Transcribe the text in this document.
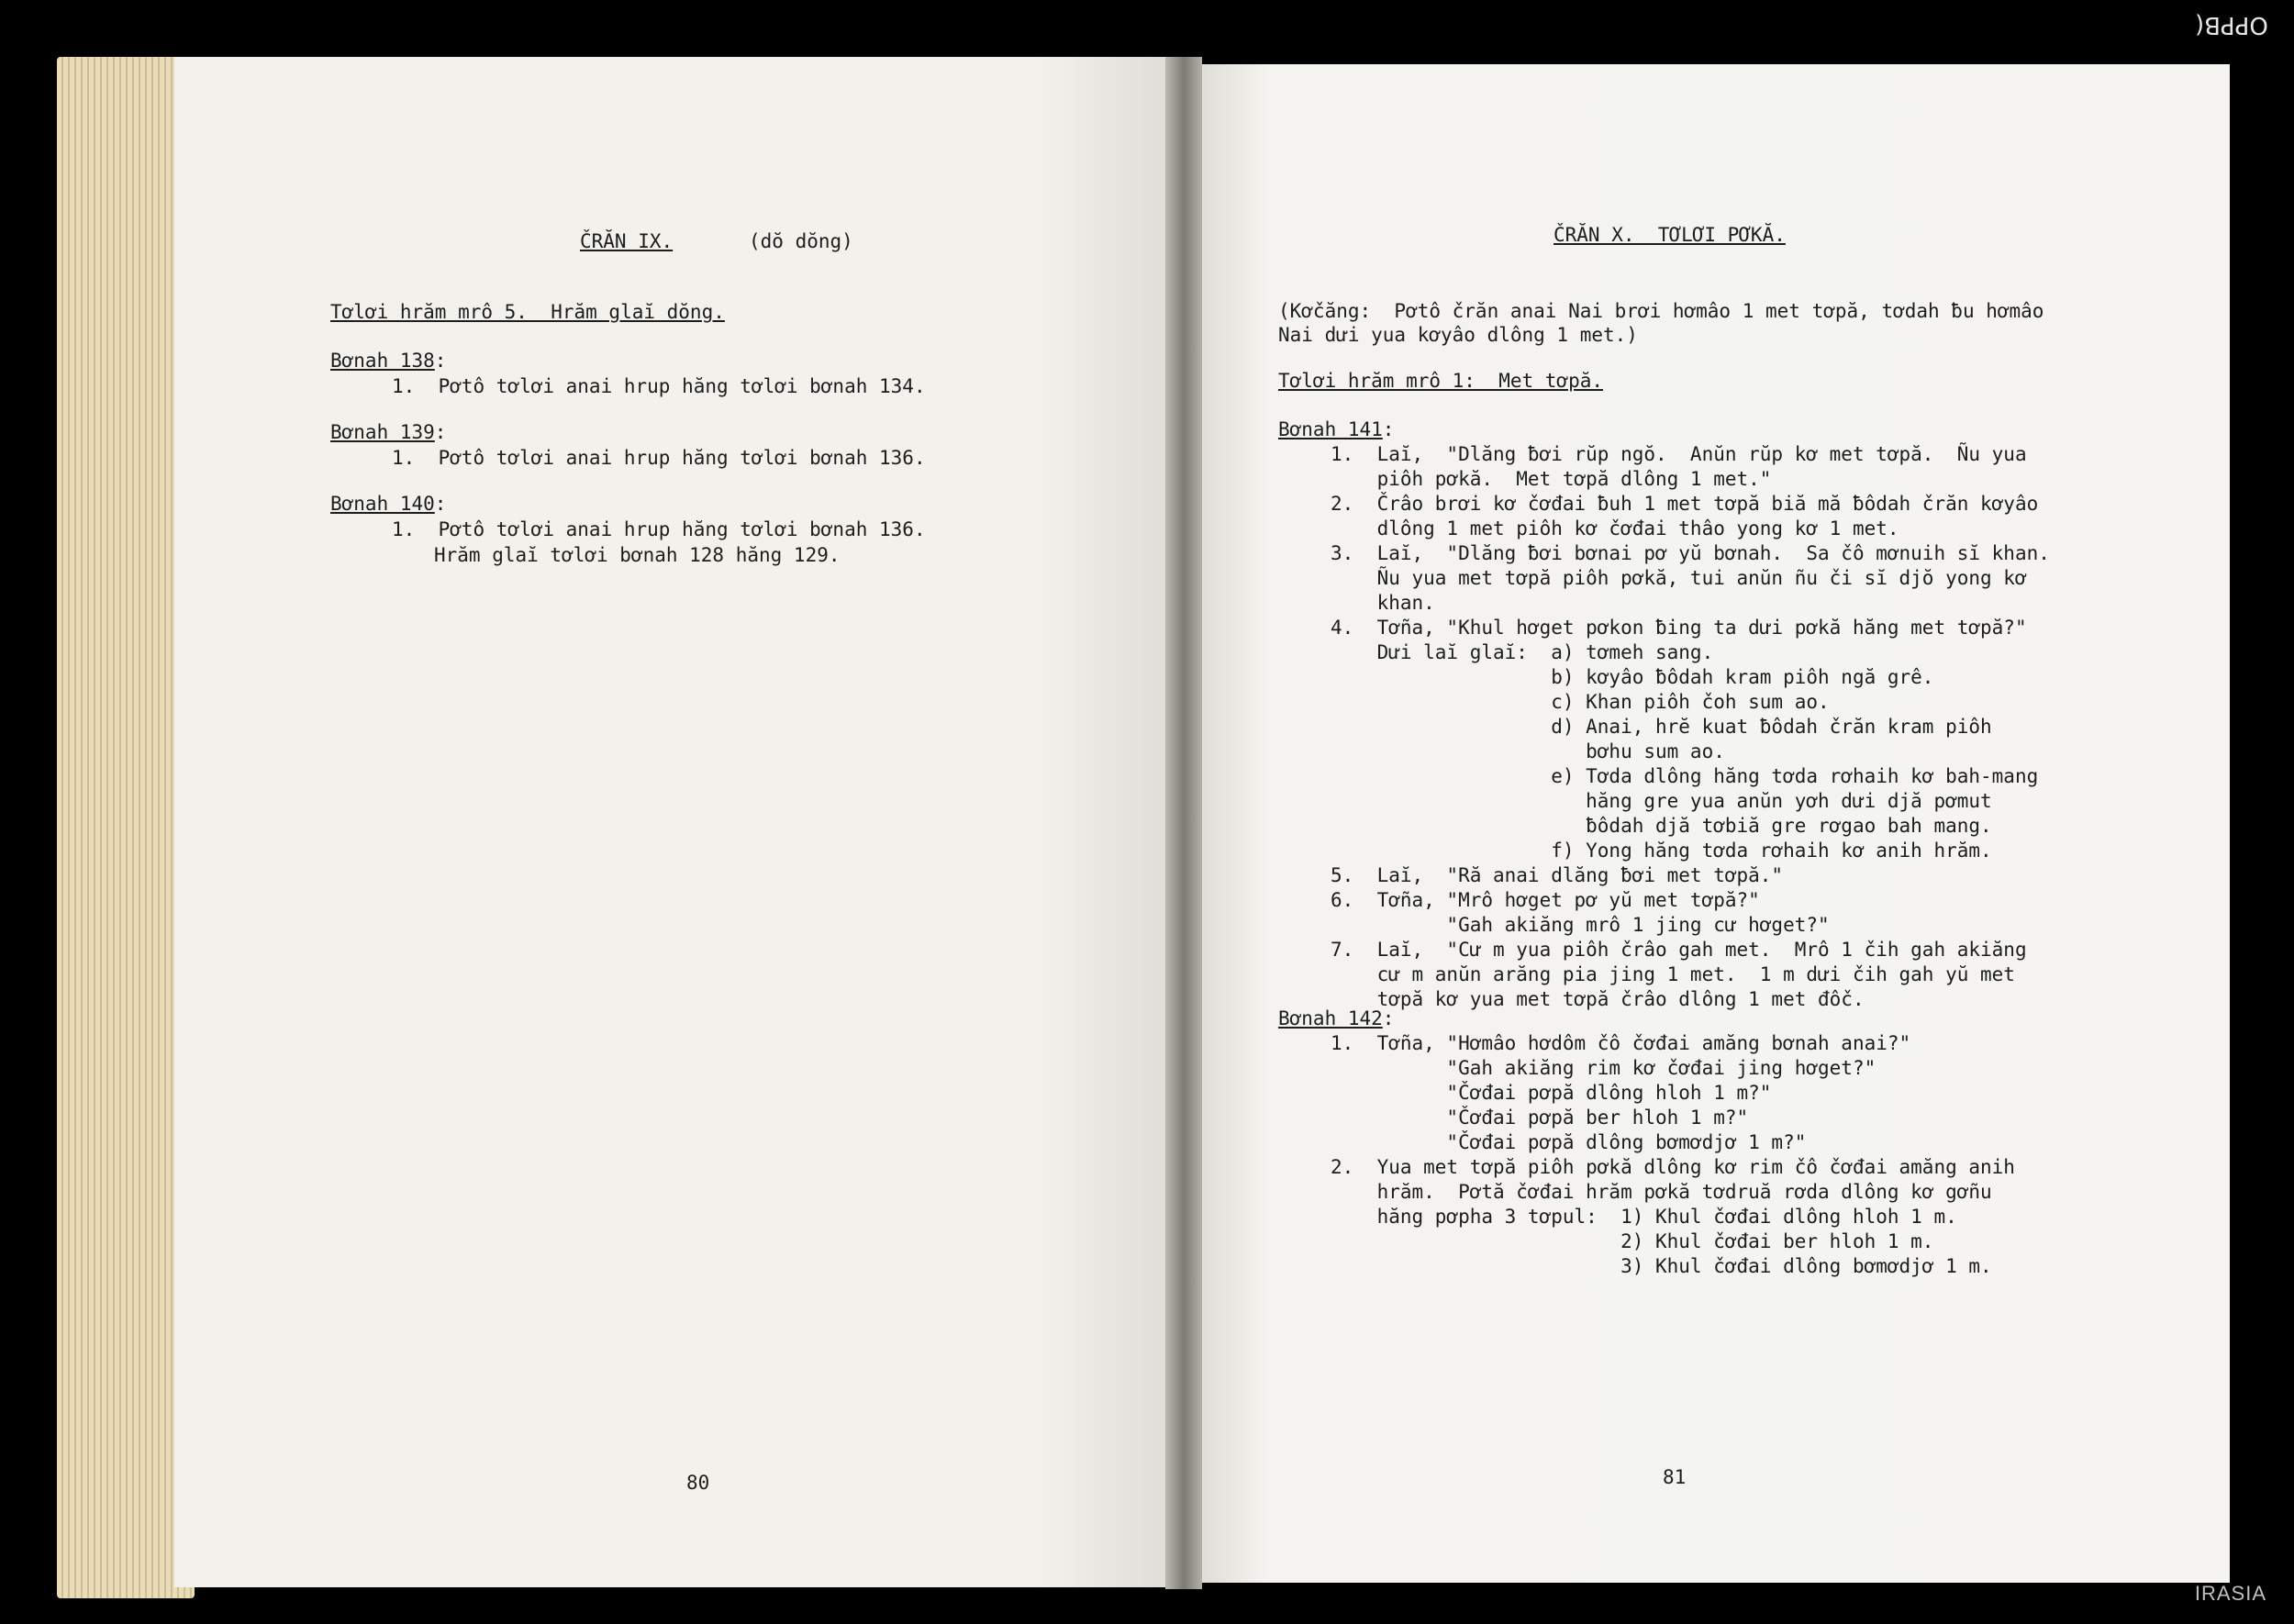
OPPB(
ČRĂN IX.	(dŏ dŏng)
Tơlơi hrăm mrô 5.  Hrăm glaĭ dŏng.
Bơnah 138:
1.  Pơtô tơlơi anai hrup hăng tơlơi bơnah 134.
Bơnah 139:
1.  Pơtô tơlơi anai hrup hăng tơlơi bơnah 136.
Bơnah 140:
1.  Pơtô tơlơi anai hrup hăng tơlơi bơnah 136.
Hrăm glaĭ tơlơi bơnah 128 hăng 129.
80
ČRĂN X.  TƠLƠI PƠKĂ.
(Kơčăng:  Pơtô črăn anai Nai brơi hơmâo 1 met tơpă, tơdah ƀu hơmâo
Nai dưi yua kơyâo dlông 1 met.)
Tơlơi hrăm mrô 1:  Met tơpă.
Bơnah 141:
1.  Laĭ,  "Dlăng ƀơi rŭp ngŏ.  Anŭn rŭp kơ met tơpă.  Ñu yua
piôh pơkă.  Met tơpă dlông 1 met."
2.  Črâo brơi kơ čơđai ƀuh 1 met tơpă biă mă ƀôdah črăn kơyâo
dlông 1 met piôh kơ čơđai thâo yong kơ 1 met.
3.  Laĭ,  "Dlăng ƀơi bơnai pơ yŭ bơnah.  Sa čô mơnuih sĭ khan.
Ñu yua met tơpă piôh pơkă, tui anŭn ñu či sĭ djŏ yong kơ
khan.
4.  Tơña, "Khul hơget pơkon ƀing ta dưi pơkă hăng met tơpă?"
Dưi laĭ glaĭ:  a) tơmeh sang.
b) kơyâo ƀôdah kram piôh ngă grê.
c) Khan piôh čoh sum ao.
d) Anai, hrĕ kuat ƀôdah črăn kram piôh
bơhu sum ao.
e) Tơda dlông hăng tơda rơhaih kơ bah-mang
hăng gre yua anŭn yơh dưi djă pơmut
ƀôdah djă tơbiă gre rơgao bah mang.
f) Yong hăng tơda rơhaih kơ anih hrăm.
5.  Laĭ,  "Ră anai dlăng ƀơi met tơpă."
6.  Tơña, "Mrô hơget pơ yŭ met tơpă?"
"Gah akiăng mrô 1 jing cư hơget?"
7.  Laĭ,  "Cư m yua piôh črâo gah met.  Mrô 1 čih gah akiăng
cư m anŭn arăng pia jing 1 met.  1 m dưi čih gah yŭ met
tơpă kơ yua met tơpă črâo dlông 1 met đôč.
Bơnah 142:
1.  Tơña, "Hơmâo hơdôm čô čơđai amăng bơnah anai?"
"Gah akiăng rim kơ čơđai jing hơget?"
"Čơđai pơpă dlông hloh 1 m?"
"Čơđai pơpă ber hloh 1 m?"
"Čơđai pơpă dlông bơmơdjơ 1 m?"
2.  Yua met tơpă piôh pơkă dlông kơ rim čô čơđai amăng anih
hrăm.  Pơtă čơđai hrăm pơkă tơdruă rơda dlông kơ gơñu
hăng pơpha 3 tơpul:  1) Khul čơđai dlông hloh 1 m.
2) Khul čơđai ber hloh 1 m.
3) Khul čơđai dlông bơmơdjơ 1 m.
81
IRASIA
